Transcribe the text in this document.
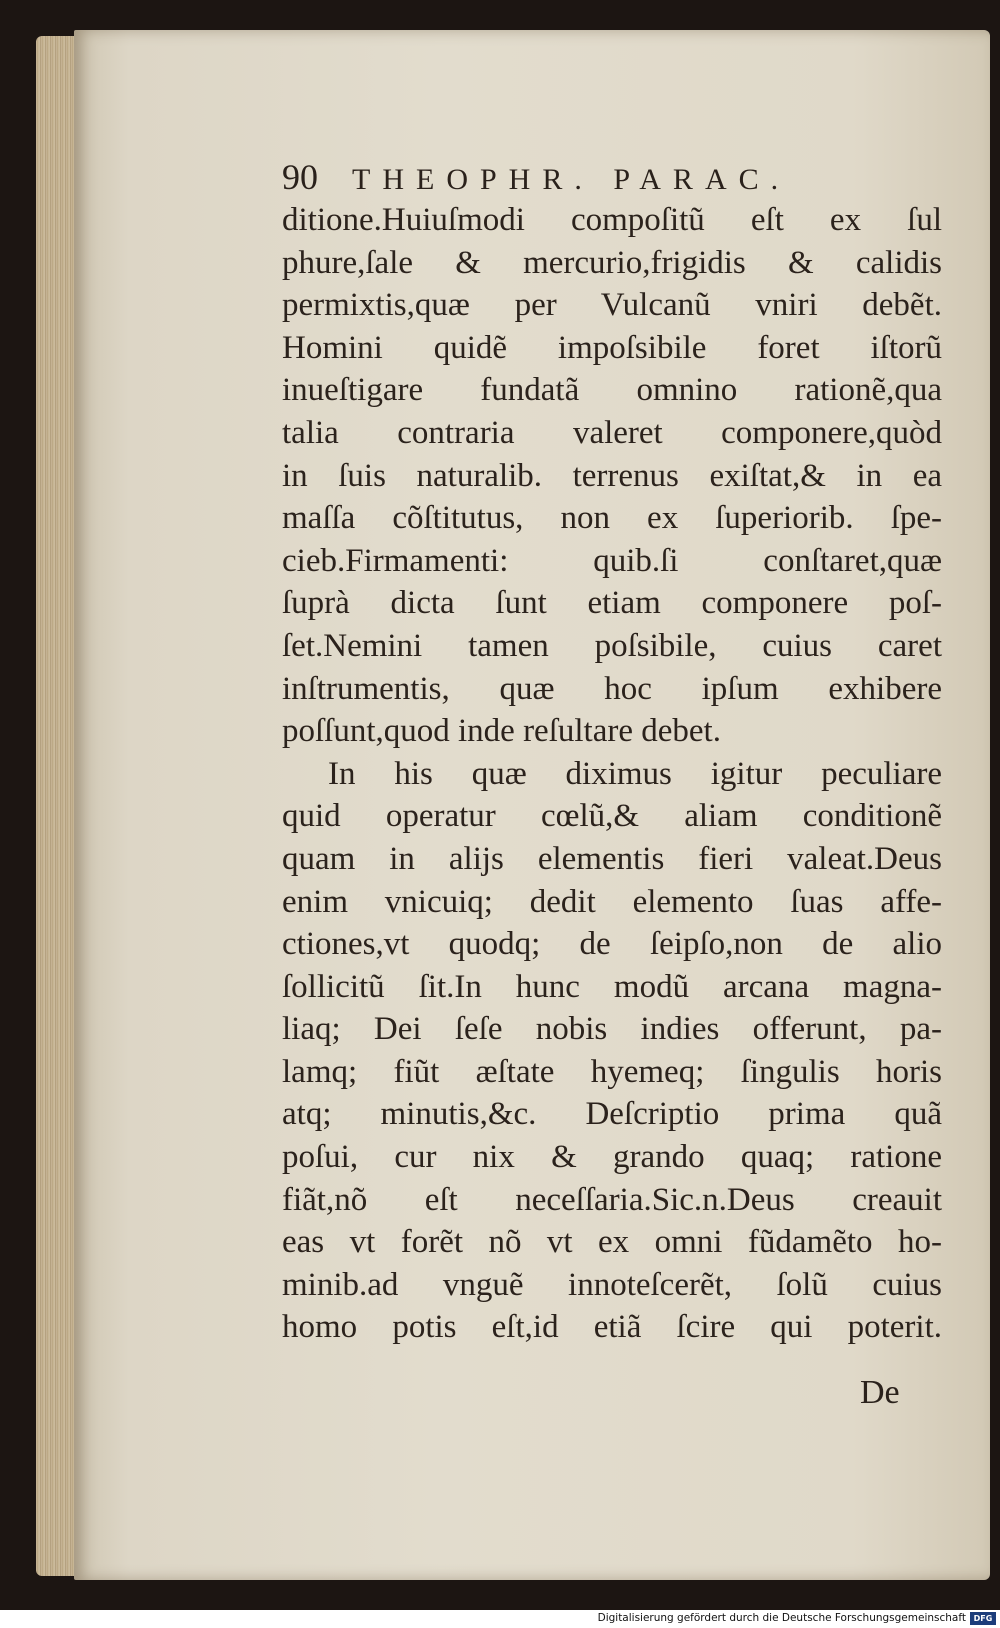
90	THEOPHR. PARAC.
ditione.Huiuſmodi compoſitũ eſt ex ſul
phure,ſale & mercurio,frigidis & calidis
permixtis,quæ per Vulcanũ vniri debẽt.
Homini quidẽ impoſsibile foret iſtorũ
inueſtigare fundatã omnino rationẽ,qua
talia contraria valeret componere,quòd
in ſuis naturalib. terrenus exiſtat,& in ea
maſſa cõſtitutus, non ex ſuperiorib. ſpe-
cieb.Firmamenti: quib.ſi conſtaret,quæ
ſuprà dicta ſunt etiam componere poſ-
ſet.Nemini tamen poſsibile, cuius caret
inſtrumentis, quæ hoc ipſum exhibere
poſſunt,quod inde reſultare debet.
In his quæ diximus igitur peculiare
quid operatur cœlũ,& aliam conditionẽ
quam in alijs elementis fieri valeat.Deus
enim vnicuiq; dedit elemento ſuas affe-
ctiones,vt quodq; de ſeipſo,non de alio
ſollicitũ ſit.In hunc modũ arcana magna-
liaq; Dei ſeſe nobis indies offerunt, pa-
lamq; fiũt æſtate hyemeq; ſingulis horis
atq; minutis,&c. Deſcriptio prima quã
poſui, cur nix & grando quaq; ratione
fiãt,nõ eſt neceſſaria.Sic.n.Deus creauit
eas vt forẽt nõ vt ex omni fũdamẽto ho-
minib.ad vnguẽ innoteſcerẽt, ſolũ cuius
homo potis eſt,id etiã ſcire qui poterit.
De
Digitalisierung gefördert durch die Deutsche Forschungsgemeinschaft DFG
